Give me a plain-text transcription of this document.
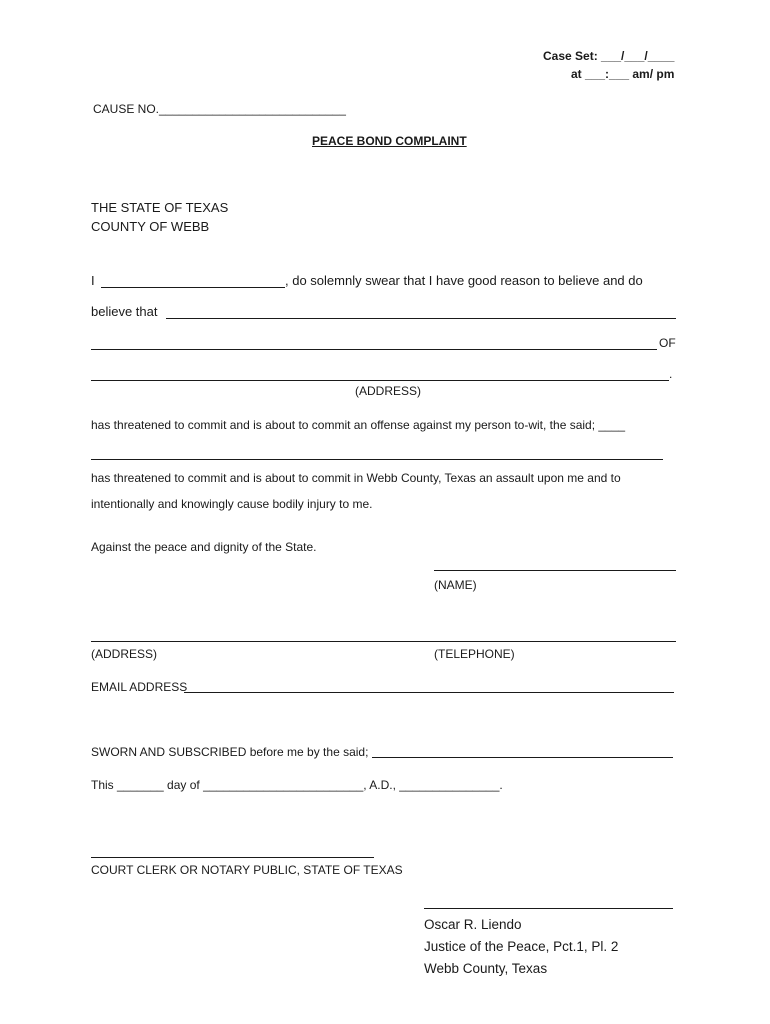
Case Set: ___/___/____
at ___:___ am/ pm
CAUSE NO.____________________________
PEACE BOND COMPLAINT
THE STATE OF TEXAS
COUNTY OF WEBB
I	, do solemnly swear that I have good reason to believe and do
believe that
OF
.
(ADDRESS)
has threatened to commit and is about to commit an offense against my person to-wit, the said; ____
has threatened to commit and is about to commit in Webb County, Texas an assault upon me and to
intentionally and knowingly cause bodily injury to me.
Against the peace and dignity of the State.
(NAME)
(ADDRESS)	(TELEPHONE)
EMAIL ADDRESS
SWORN AND SUBSCRIBED before me by the said;
This _______ day of ________________________, A.D., _______________.
COURT CLERK OR NOTARY PUBLIC, STATE OF TEXAS
Oscar R. Liendo
Justice of the Peace, Pct.1, Pl. 2
Webb County, Texas
